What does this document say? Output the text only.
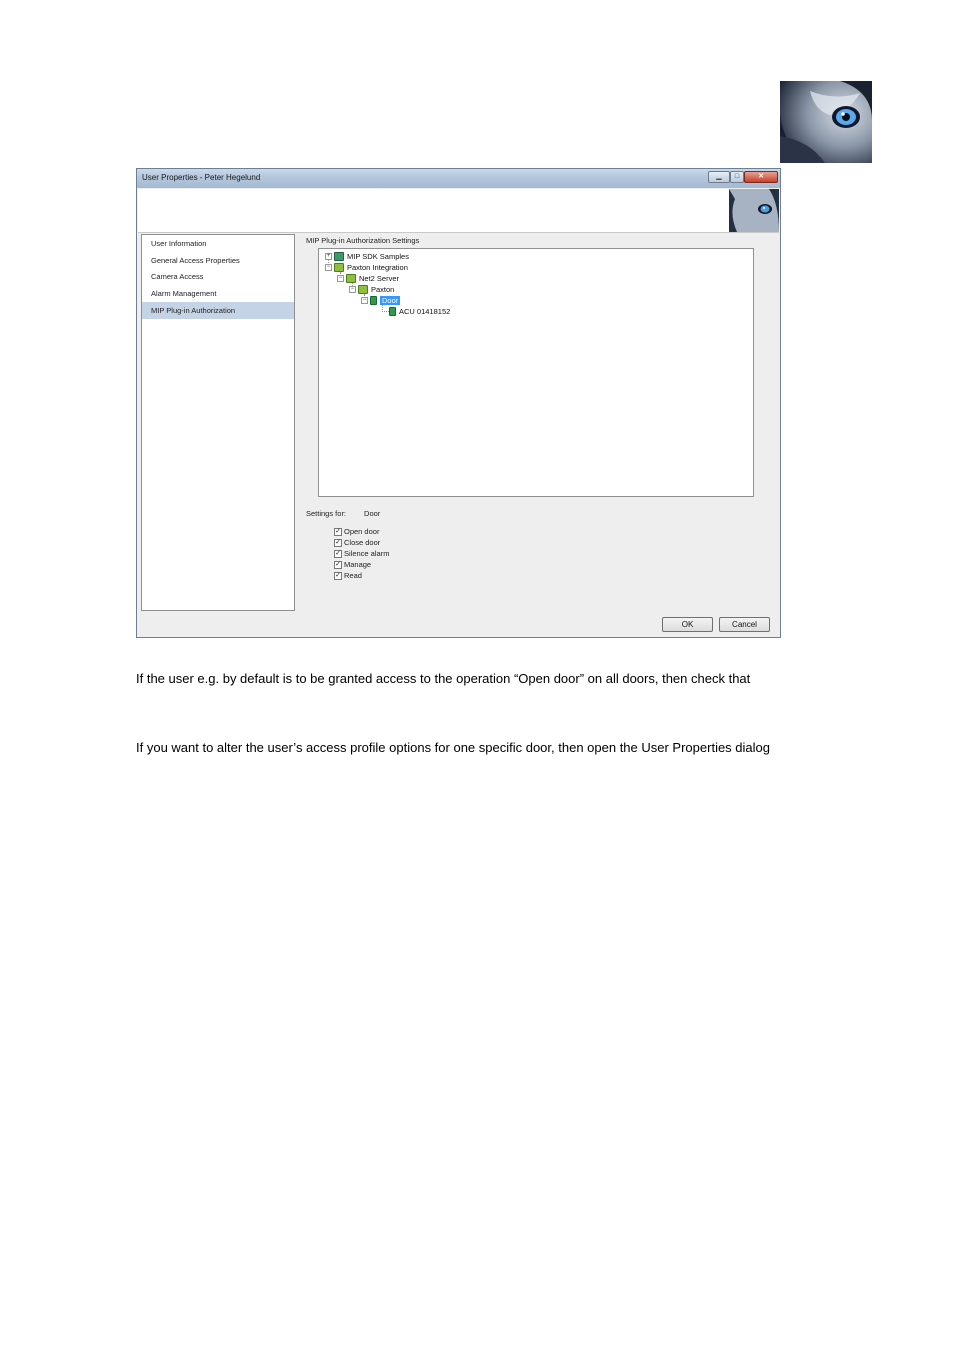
User Properties - Peter Hegelund	▁	□	✕
User Information
General Access Properties
Camera Access
Alarm Management
MIP Plug-in Authorization
MIP Plug-in Authorization Settings
+ MIP SDK Samples
− Paxton Integration
− Net2 Server
− Paxton
− Door
ACU 01418152
Settings for: Door
✓ Open door
✓ Close door
✓ Silence alarm
✓ Manage
✓ Read
OK	Cancel
If the user e.g. by default is to be granted access to the operation “Open door” on all doors, then check that
If you want to alter the user’s access profile options for one specific door, then open the User Properties dialog
